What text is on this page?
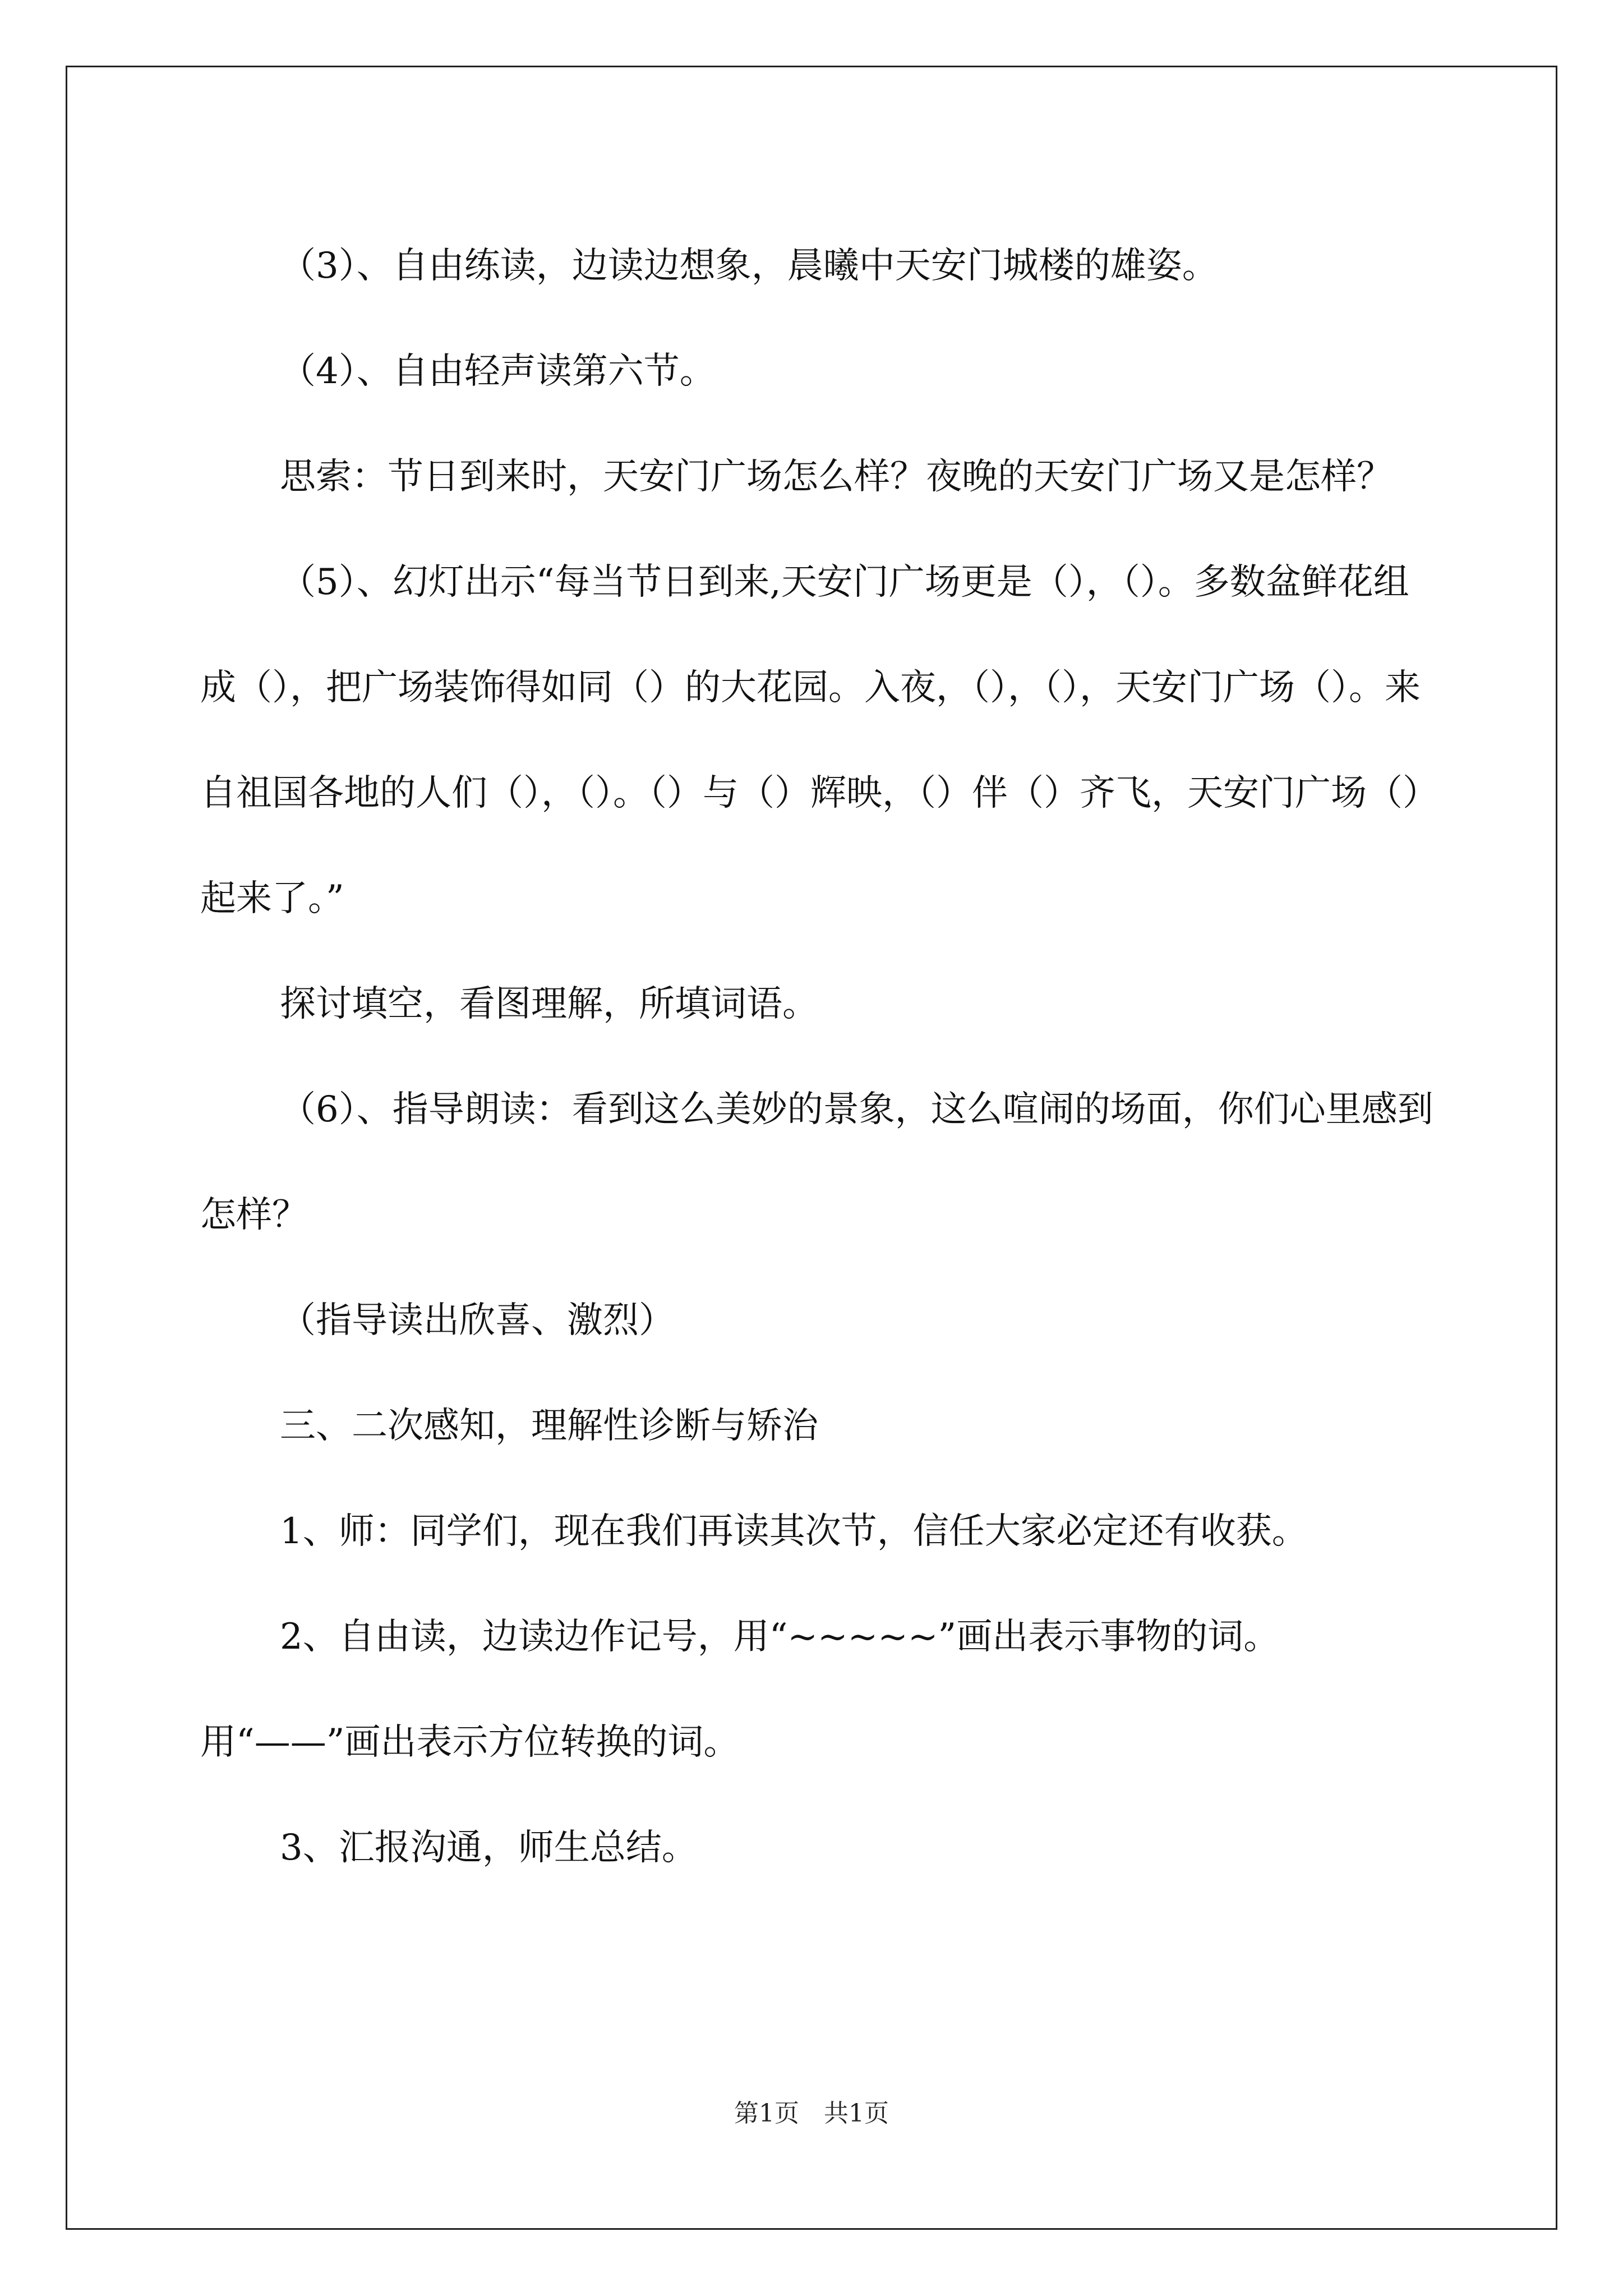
（3）、自由练读，边读边想象，晨曦中天安门城楼的雄姿。

（4）、自由轻声读第六节。

思索：节日到来时，天安门广场怎么样？夜晚的天安门广场又是怎样？

（5）、幻灯出示“每当节日到来,天安门广场更是（），（）。多数盆鲜花组成（），把广场装饰得如同（）的大花园。入夜，（），（），天安门广场（）。来自祖国各地的人们（），（）。（）与（）辉映，（）伴（）齐飞，天安门广场（）起来了。”

探讨填空，看图理解，所填词语。

（6）、指导朗读：看到这么美妙的景象，这么喧闹的场面，你们心里感到怎样？

（指导读出欣喜、激烈）

三、二次感知，理解性诊断与矫治

1、师：同学们，现在我们再读其次节，信任大家必定还有收获。

2、自由读，边读边作记号，用“~~~~~”画出表示事物的词。用“——”画出表示方位转换的词。

3、汇报沟通，师生总结。

第1页　共1页
